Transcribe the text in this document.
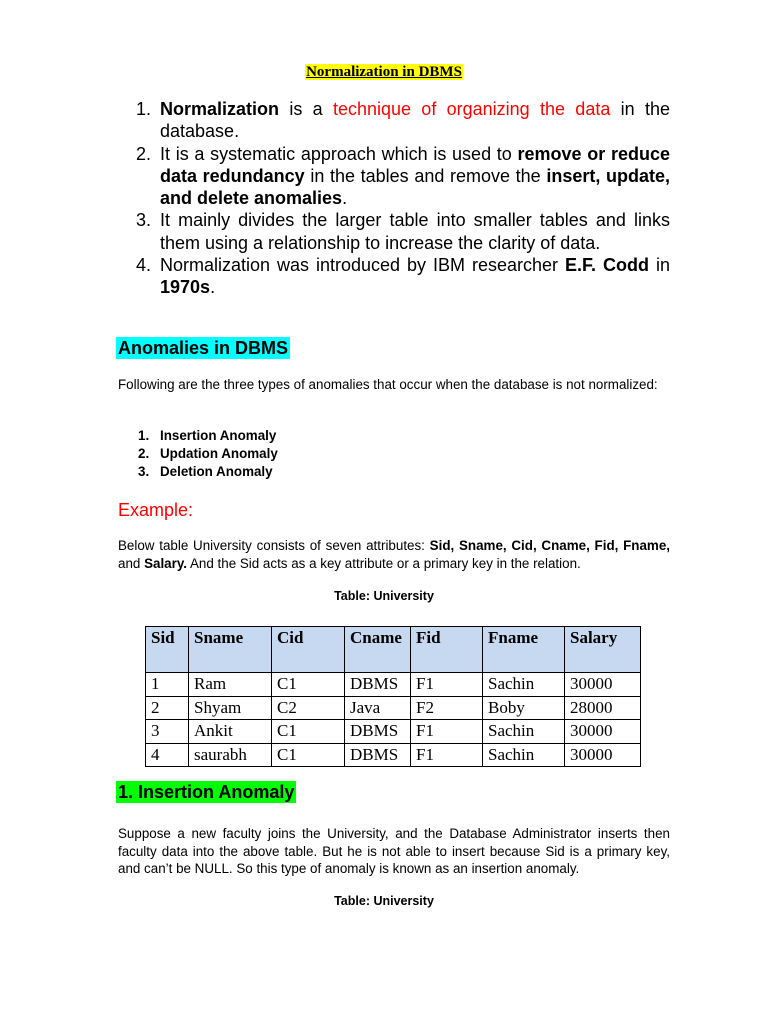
Normalization in DBMS
1. Normalization is a technique of organizing the data in the database.
2. It is a systematic approach which is used to remove or reduce data redundancy in the tables and remove the insert, update, and delete anomalies.
3. It mainly divides the larger table into smaller tables and links them using a relationship to increase the clarity of data.
4. Normalization was introduced by IBM researcher E.F. Codd in 1970s.
Anomalies in DBMS
Following are the three types of anomalies that occur when the database is not normalized:
1. Insertion Anomaly
2. Updation Anomaly
3. Deletion Anomaly
Example:
Below table University consists of seven attributes: Sid, Sname, Cid, Cname, Fid, Fname, and Salary. And the Sid acts as a key attribute or a primary key in the relation.
Table: University
Sid	Sname	Cid	Cname	Fid	Fname	Salary
1	Ram	C1	DBMS	F1	Sachin	30000
2	Shyam	C2	Java	F2	Boby	28000
3	Ankit	C1	DBMS	F1	Sachin	30000
4	saurabh	C1	DBMS	F1	Sachin	30000
1. Insertion Anomaly
Suppose a new faculty joins the University, and the Database Administrator inserts then faculty data into the above table. But he is not able to insert because Sid is a primary key, and can’t be NULL. So this type of anomaly is known as an insertion anomaly.
Table: University
